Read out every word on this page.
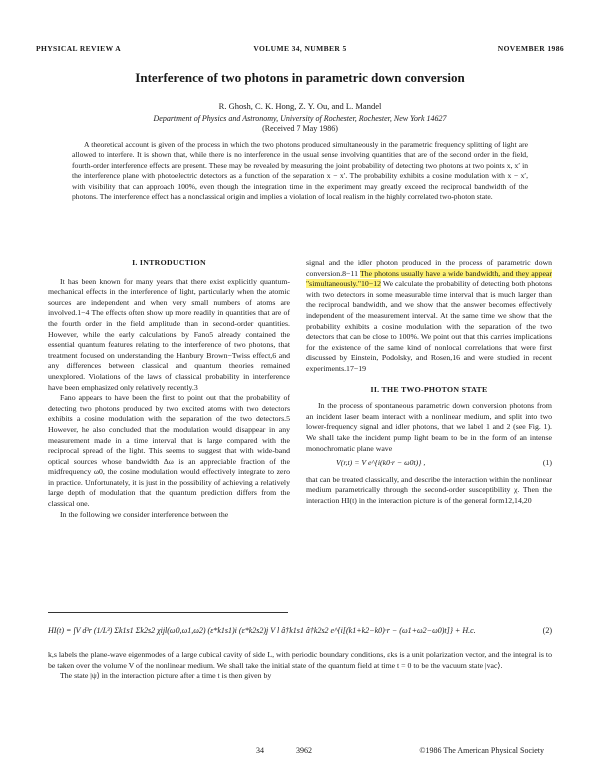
PHYSICAL REVIEW A	VOLUME 34, NUMBER 5	NOVEMBER 1986
Interference of two photons in parametric down conversion
R. Ghosh, C. K. Hong, Z. Y. Ou, and L. Mandel
Department of Physics and Astronomy, University of Rochester, Rochester, New York 14627
(Received 7 May 1986)
A theoretical account is given of the process in which the two photons produced simultaneously in the parametric frequency splitting of light are allowed to interfere. It is shown that, while there is no interference in the usual sense involving quantities that are of the second order in the field, fourth-order interference effects are present. These may be revealed by measuring the joint probability of detecting two photons at two points x, x′ in the interference plane with photoelectric detectors as a function of the separation x − x′. The probability exhibits a cosine modulation with x − x′, with visibility that can approach 100%, even though the integration time in the experiment may greatly exceed the reciprocal bandwidth of the photons. The interference effect has a nonclassical origin and implies a violation of local realism in the highly correlated two-photon state.

I. INTRODUCTION

It has been known for many years that there exist explicitly quantum-mechanical effects in the interference of light, particularly when the atomic sources are independent and when very small numbers of atoms are involved.1−4 The effects often show up more readily in quantities that are of the fourth order in the field amplitude than in second-order quantities. However, while the early calculations by Fano5 already contained the essential quantum features relating to the interference of two photons, that treatment focused on understanding the Hanbury Brown−Twiss effect,6 and any differences between classical and quantum theories remained unexplored. Violations of the laws of classical probability in interference have been emphasized only relatively recently.3

Fano appears to have been the first to point out that the probability of detecting two photons produced by two excited atoms with two detectors exhibits a cosine modulation with the separation of the two detectors.5 However, he also concluded that the modulation would disappear in any measurement made in a time interval that is large compared with the reciprocal spread of the light. This seems to suggest that with wide-band optical sources whose bandwidth Δω is an appreciable fraction of the midfrequency ω0, the cosine modulation would effectively integrate to zero in practice. Unfortunately, it is just in the possibility of achieving a relatively large depth of modulation that the quantum prediction differs from the classical one.

In the following we consider interference between the

signal and the idler photon produced in the process of parametric down conversion.8−11 The photons usually have a wide bandwidth, and they appear "simultaneously."10−12 We calculate the probability of detecting both photons with two detectors in some measurable time interval that is much larger than the reciprocal bandwidth, and we show that the answer becomes effectively independent of the measurement interval. At the same time we show that the probability exhibits a cosine modulation with the separation of the two detectors that can be close to 100%. We point out that this carries implications for the existence of the same kind of nonlocal correlations that were first discussed by Einstein, Podolsky, and Rosen,16 and were studied in recent experiments.17−19

II. THE TWO-PHOTON STATE

In the process of spontaneous parametric down conversion photons from an incident laser beam interact with a nonlinear medium, and split into two lower-frequency signal and idler photons, that we label 1 and 2 (see Fig. 1). We shall take the incident pump light beam to be in the form of an intense monochromatic plane wave

V(r,t) = V e^{i(k0·r − ω0t)} ,	(1)

that can be treated classically, and describe the interaction within the nonlinear medium parametrically through the second-order susceptibility χ. Then the interaction HI(t) in the interaction picture is of the general form12,14,20

HI(t) = ∫V d³r (1/L³) Σk1s1 Σk2s2 χijl(ω0,ω1,ω2) (ε*k1s1)i (ε*k2s2)j V l â†k1s1 â†k2s2 e^{i[(k1+k2−k0)·r − (ω1+ω2−ω0)t]} + H.c.	(2)

k,s labels the plane-wave eigenmodes of a large cubical cavity of side L, with periodic boundary conditions, εks is a unit polarization vector, and the integral is to be taken over the volume V of the nonlinear medium. We shall take the initial state of the quantum field at time t = 0 to be the vacuum state |vac⟩.

The state |ψ⟩ in the interaction picture after a time t is then given by

34	3962	©1986 The American Physical Society
